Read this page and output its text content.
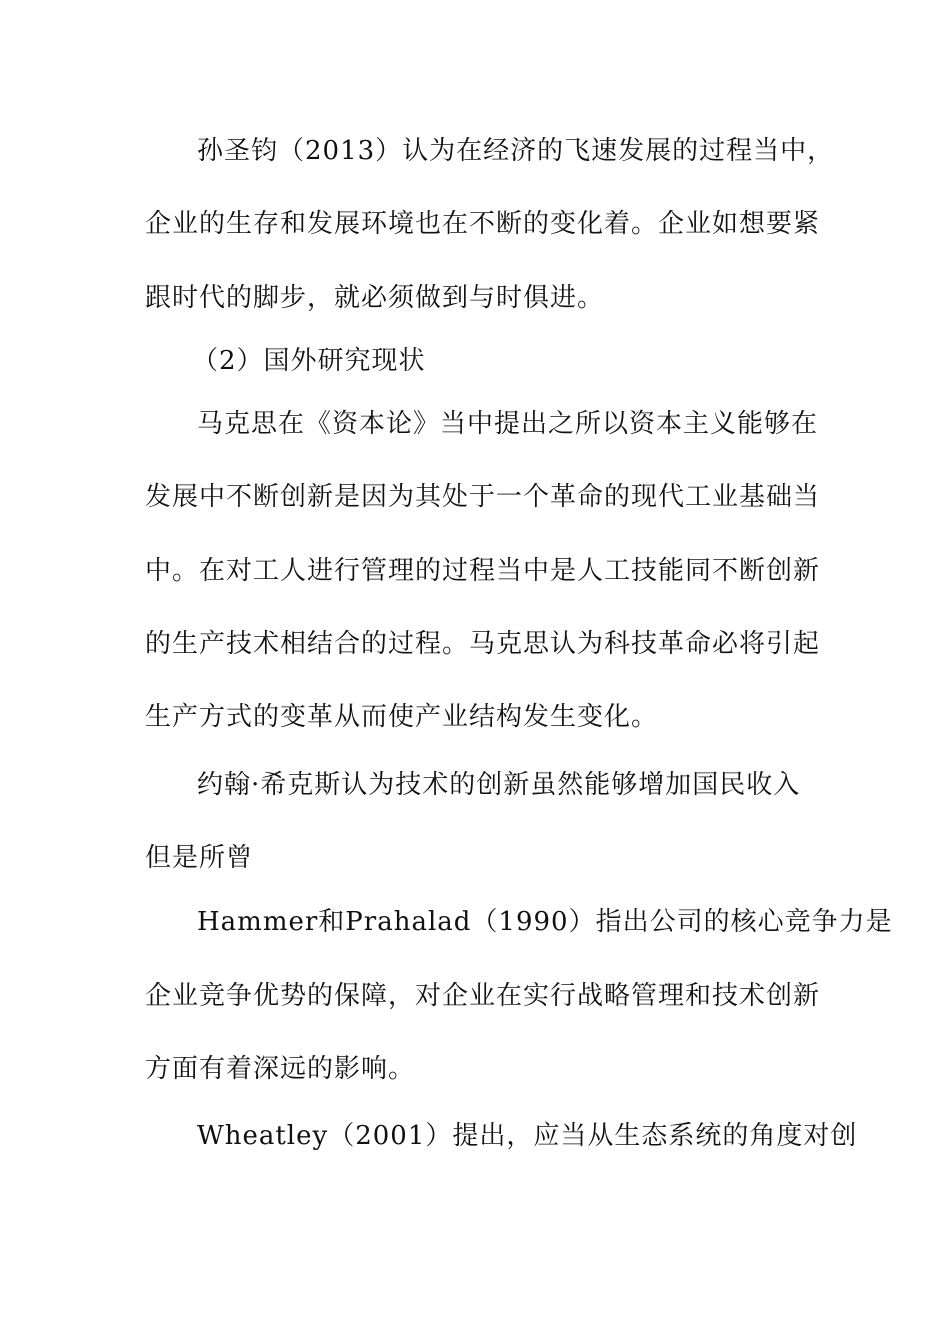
孙圣钧（2013）认为在经济的飞速发展的过程当中，
企业的生存和发展环境也在不断的变化着。企业如想要紧
跟时代的脚步，就必须做到与时俱进。
（2）国外研究现状
马克思在《资本论》当中提出之所以资本主义能够在
发展中不断创新是因为其处于一个革命的现代工业基础当
中。在对工人进行管理的过程当中是人工技能同不断创新
的生产技术相结合的过程。马克思认为科技革命必将引起
生产方式的变革从而使产业结构发生变化。
约翰·希克斯认为技术的创新虽然能够增加国民收入
但是所曾
Hammer和Prahalad（1990）指出公司的核心竞争力是
企业竞争优势的保障，对企业在实行战略管理和技术创新
方面有着深远的影响。
Wheatley（2001）提出，应当从生态系统的角度对创
